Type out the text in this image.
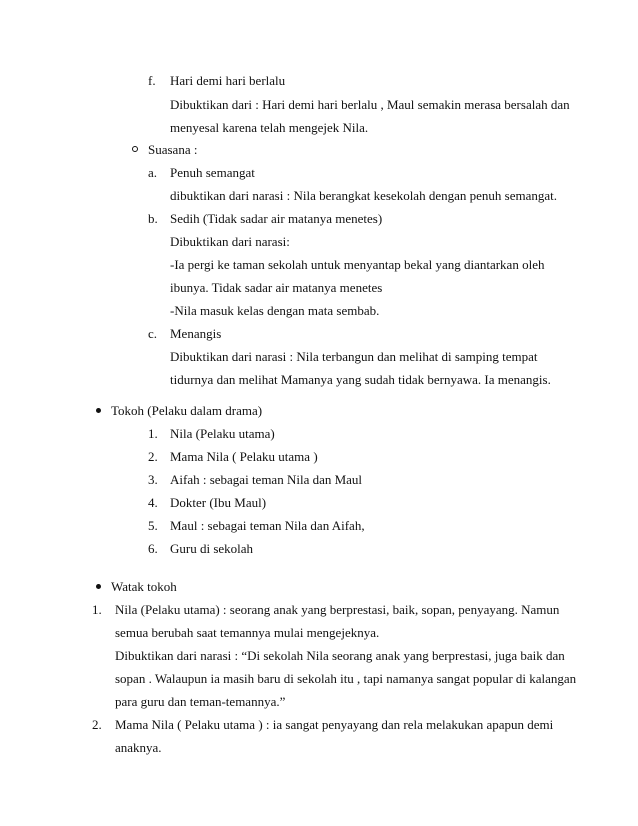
f. Hari demi hari berlalu
Dibuktikan dari : Hari demi hari berlalu , Maul semakin merasa bersalah dan
menyesal karena telah mengejek Nila.
Suasana :
a. Penuh semangat
dibuktikan dari narasi : Nila berangkat kesekolah dengan penuh semangat.
b. Sedih (Tidak sadar air matanya menetes)
Dibuktikan dari narasi:
-Ia pergi ke taman sekolah untuk menyantap bekal yang diantarkan oleh
ibunya. Tidak sadar air matanya menetes
-Nila masuk kelas dengan mata sembab.
c. Menangis
Dibuktikan dari narasi : Nila terbangun dan melihat di samping tempat
tidurnya dan melihat Mamanya yang sudah tidak bernyawa. Ia menangis.
Tokoh (Pelaku dalam drama)
1. Nila (Pelaku utama)
2. Mama Nila ( Pelaku utama )
3. Aifah : sebagai teman Nila dan Maul
4. Dokter (Ibu Maul)
5. Maul : sebagai teman Nila dan Aifah,
6. Guru di sekolah
Watak tokoh
1. Nila (Pelaku utama) : seorang anak yang berprestasi, baik, sopan, penyayang. Namun
semua berubah saat temannya mulai mengejeknya.
Dibuktikan dari narasi : “Di sekolah Nila seorang anak yang berprestasi, juga baik dan
sopan . Walaupun ia masih baru di sekolah itu , tapi namanya sangat popular di kalangan
para guru dan teman-temannya.”
2. Mama Nila ( Pelaku utama ) : ia sangat penyayang dan rela melakukan apapun demi
anaknya.
